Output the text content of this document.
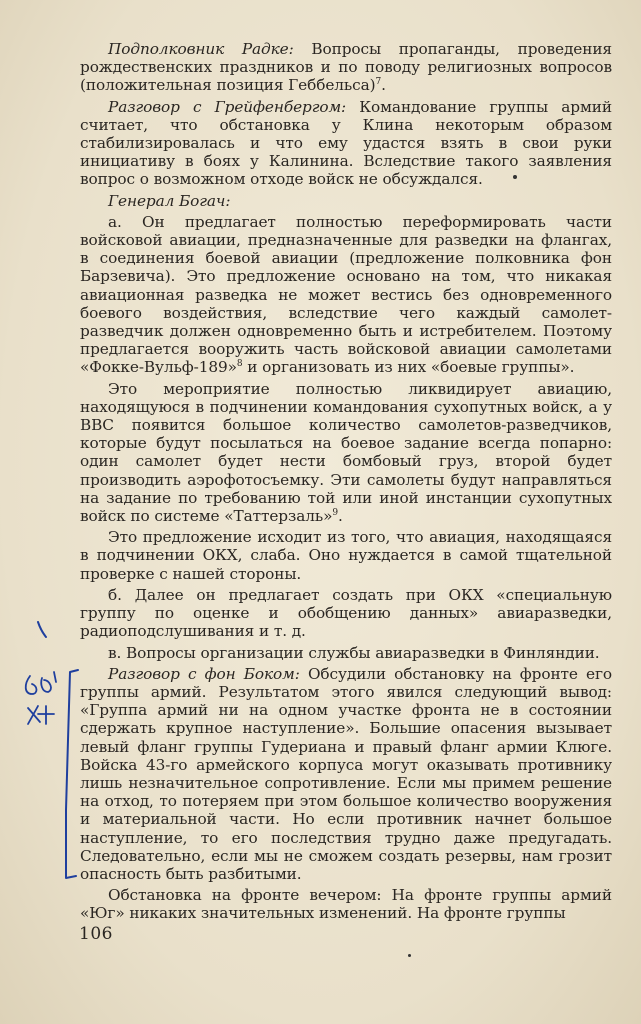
Подполковник Радке: Вопросы пропаганды, проведения рождественских праздников и по поводу религиозных вопросов (положительная позиция Геббельса)$^7$.

Разговор с Грейфенбергом: Командование группы армий считает, что обстановка у Клина некоторым образом стабилизировалась и что ему удастся взять в свои руки инициативу в боях у Калинина. Вследствие такого заявления вопрос о возможном отходе войск не обсуждался.

Генерал Богач:

а. Он предлагает полностью переформировать части войсковой авиации, предназначенные для разведки на флангах, в соединения боевой авиации (предложение полковника фон Барзевича). Это предложение основано на том, что никакая авиационная разведка не может вестись без одновременного боевого воздействия, вследствие чего каждый самолет-разведчик должен одновременно быть и истребителем. Поэтому предлагается вооружить часть войсковой авиации самолетами «Фокке-Вульф-189»$^8$ и организовать из них «боевые группы».

Это мероприятие полностью ликвидирует авиацию, находящуюся в подчинении командования сухопутных войск, а у ВВС появится большое количество самолетов-разведчиков, которые будут посылаться на боевое задание всегда попарно: один самолет будет нести бомбовый груз, второй будет производить аэрофотосъемку. Эти самолеты будут направляться на задание по требованию той или иной инстанции сухопутных войск по системе «Таттерзаль»$^9$.

Это предложение исходит из того, что авиация, находящаяся в подчинении ОКХ, слаба. Оно нуждается в самой тщательной проверке с нашей стороны.

б. Далее он предлагает создать при ОКХ «специальную группу по оценке и обобщению данных» авиаразведки, радиоподслушивания и т. д.

в. Вопросы организации службы авиаразведки в Финляндии.

Разговор с фон Боком: Обсудили обстановку на фронте его группы армий. Результатом этого явился следующий вывод: «Группа армий ни на одном участке фронта не в состоянии сдержать крупное наступление». Большие опасения вызывает левый фланг группы Гудериана и правый фланг армии Клюге. Войска 43-го армейского корпуса могут оказывать противнику лишь незначительное сопротивление. Если мы примем решение на отход, то потеряем при этом большое количество вооружения и материальной части. Но если противник начнет большое наступление, то его последствия трудно даже предугадать. Следовательно, если мы не сможем создать резервы, нам грозит опасность быть разбитыми.

Обстановка на фронте вечером: На фронте группы армий «Юг» никаких значительных изменений. На фронте группы

106
